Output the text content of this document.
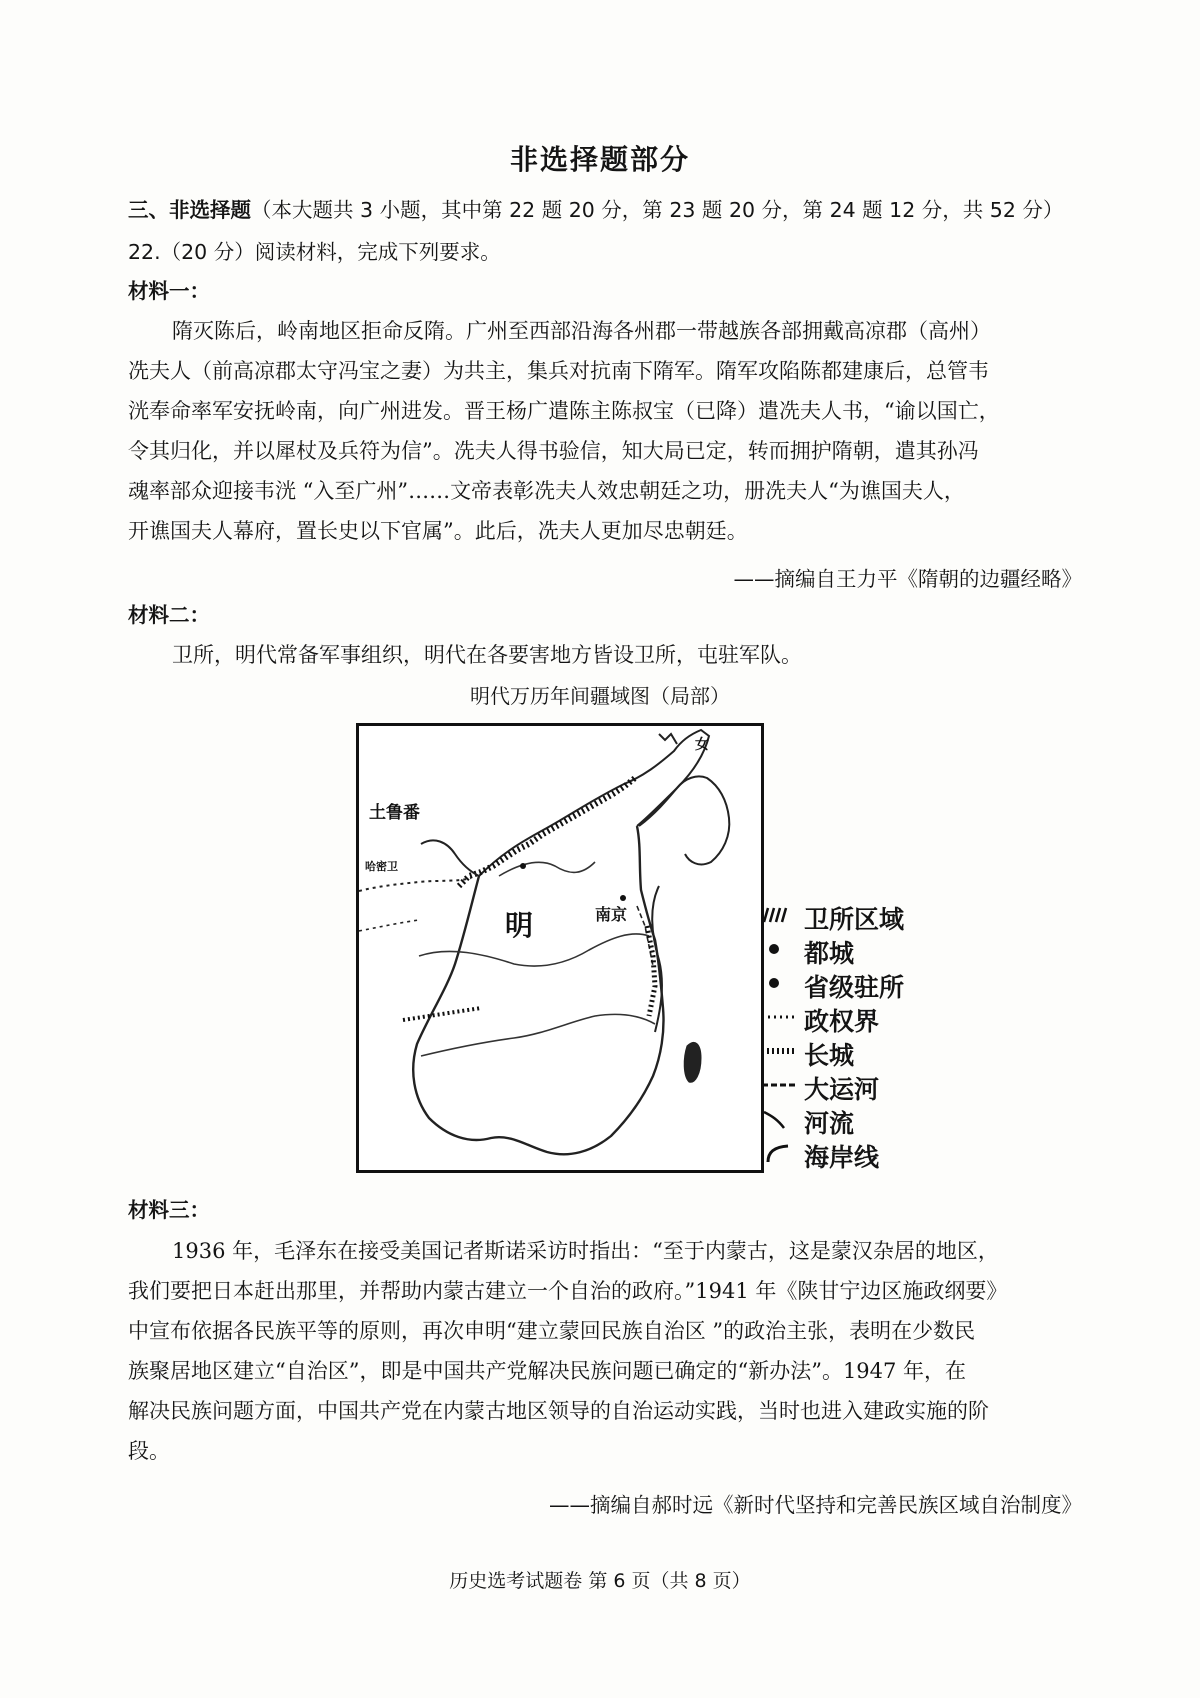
非选择题部分
三、非选择题（本大题共 3 小题，其中第 22 题 20 分，第 23 题 20 分，第 24 题 12 分，共 52 分）
22.（20 分）阅读材料，完成下列要求。
材料一：
隋灭陈后，岭南地区拒命反隋。广州至西部沿海各州郡一带越族各部拥戴高凉郡（高州）
冼夫人（前高凉郡太守冯宝之妻）为共主，集兵对抗南下隋军。隋军攻陷陈都建康后，总管韦
洸奉命率军安抚岭南，向广州进发。晋王杨广遣陈主陈叔宝（已降）遣冼夫人书，“谕以国亡，
令其归化，并以犀杖及兵符为信”。冼夫人得书验信，知大局已定，转而拥护隋朝，遣其孙冯
魂率部众迎接韦洸 “入至广州”……文帝表彰冼夫人效忠朝廷之功，册冼夫人“为谯国夫人，
开谯国夫人幕府，置长史以下官属”。此后，冼夫人更加尽忠朝廷。
——摘编自王力平《隋朝的边疆经略》
材料二：
卫所，明代常备军事组织，明代在各要害地方皆设卫所，屯驻军队。
明代万历年间疆域图（局部）
土鲁番
哈密卫
明	南京
女
卫所区域
都城
省级驻所
政权界
长城
大运河
河流
海岸线
材料三：
1936 年，毛泽东在接受美国记者斯诺采访时指出：“至于内蒙古，这是蒙汉杂居的地区，
我们要把日本赶出那里，并帮助内蒙古建立一个自治的政府。”1941 年《陕甘宁边区施政纲要》
中宣布依据各民族平等的原则，再次申明“建立蒙回民族自治区 ”的政治主张，表明在少数民
族聚居地区建立“自治区”，即是中国共产党解决民族问题已确定的“新办法”。1947 年，在
解决民族问题方面，中国共产党在内蒙古地区领导的自治运动实践，当时也进入建政实施的阶
段。
——摘编自郝时远《新时代坚持和完善民族区域自治制度》
历史选考试题卷 第 6 页（共 8 页）
